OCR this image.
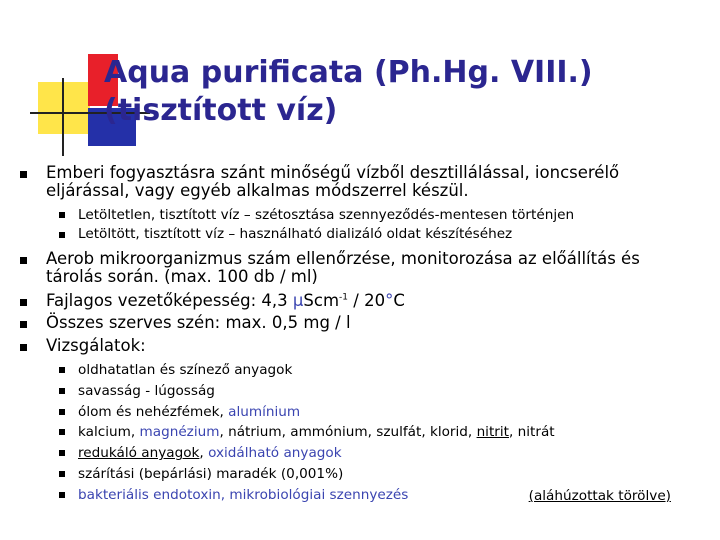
Aqua purificata (Ph.Hg. VIII.)
(tisztított víz)
Emberi fogyasztásra szánt minőségű vízből desztillálással, ioncserélő eljárással, vagy egyéb alkalmas módszerrel készül.
Letöltetlen, tisztított víz – szétosztása szennyeződés-mentesen történjen
Letöltött, tisztított víz – használható dializáló oldat készítéséhez
Aerob mikroorganizmus szám ellenőrzése, monitorozása az előállítás és tárolás során. (max. 100 db / ml)
Fajlagos vezetőképesség: 4,3 µScm$^{-1}$ / 20°C
Összes szerves szén: max. 0,5 mg / l
Vizsgálatok:
oldhatatlan és színező anyagok
savasság - lúgosság
ólom és nehézfémek, alumínium
kalcium, magnézium, nátrium, ammónium, szulfát, klorid, nitrit, nitrát
redukáló anyagok, oxidálható anyagok
szárítási (bepárlási) maradék (0,001%)
bakteriális endotoxin, mikrobiológiai szennyezés	(aláhúzottak törölve)
